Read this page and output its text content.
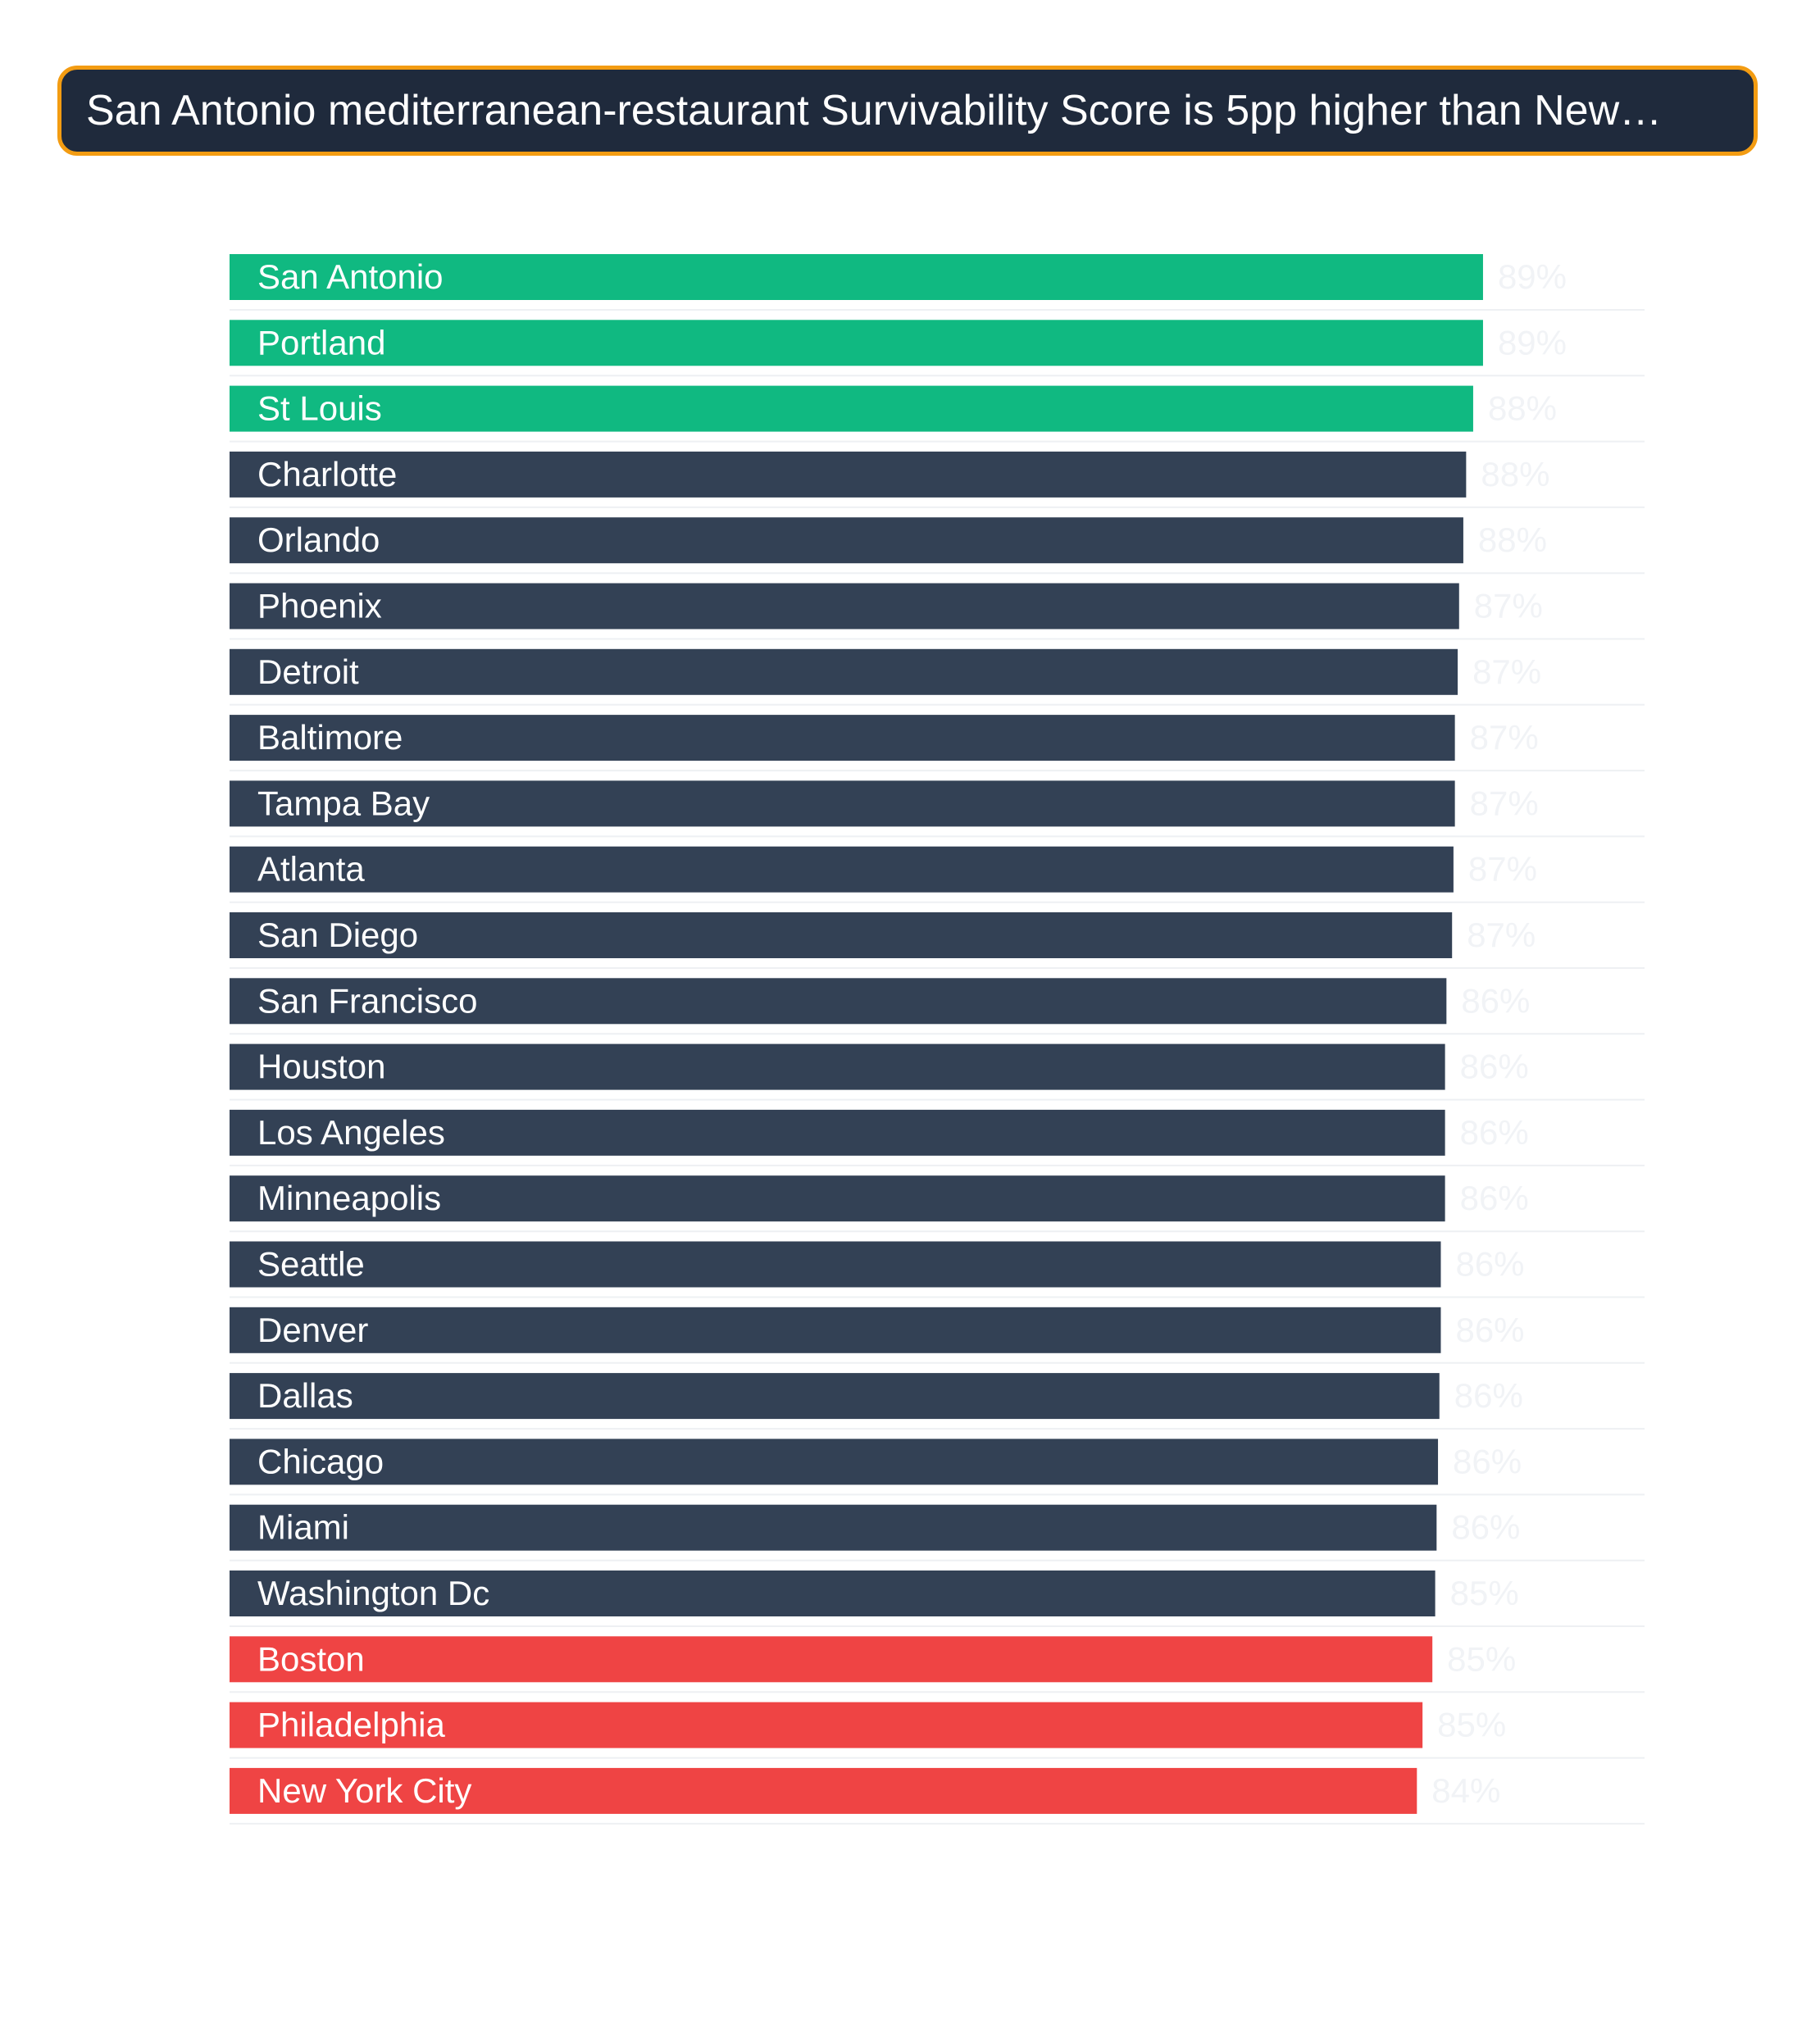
San Antonio mediterranean-restaurant Survivability Score is 5pp higher than New…
San Antonio	89%
Portland	89%
St Louis	88%
Charlotte	88%
Orlando	88%
Phoenix	87%
Detroit	87%
Baltimore	87%
Tampa Bay	87%
Atlanta	87%
San Diego	87%
San Francisco	86%
Houston	86%
Los Angeles	86%
Minneapolis	86%
Seattle	86%
Denver	86%
Dallas	86%
Chicago	86%
Miami	86%
Washington Dc	85%
Boston	85%
Philadelphia	85%
New York City	84%
